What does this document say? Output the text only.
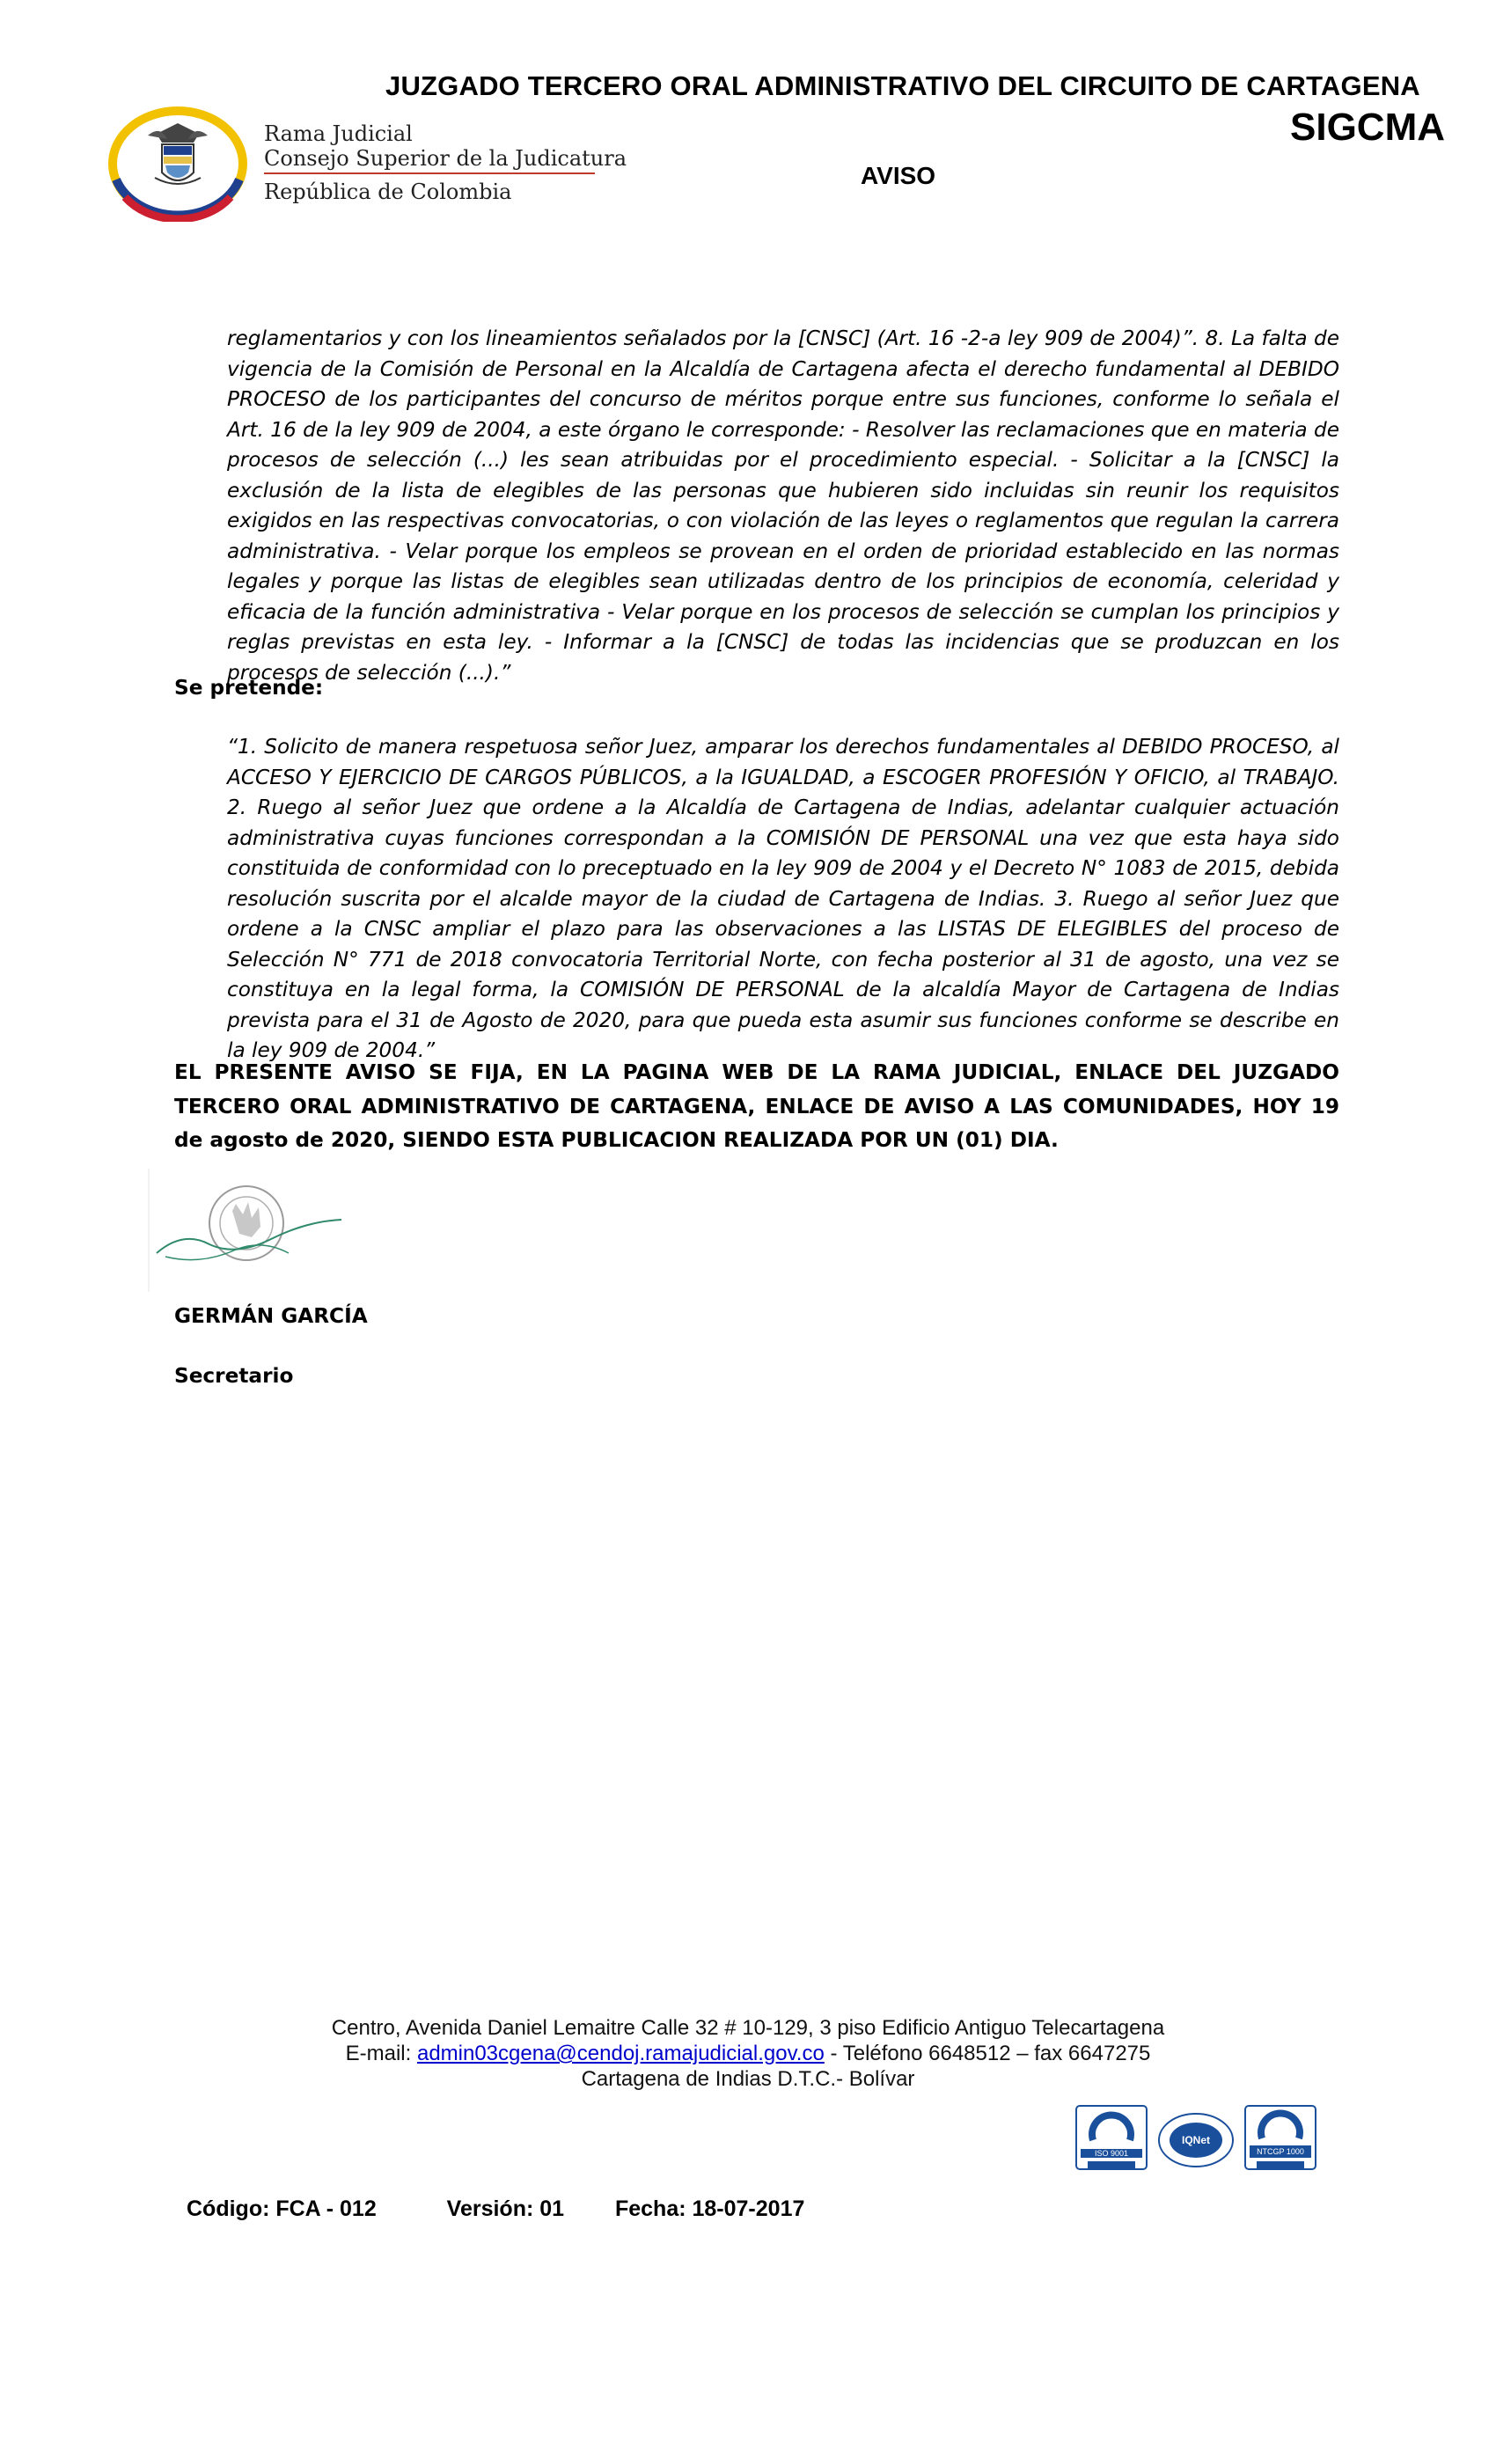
JUZGADO TERCERO ORAL ADMINISTRATIVO DEL CIRCUITO DE CARTAGENA
SIGCMA
AVISO
Rama Judicial
Consejo Superior de la Judicatura
República de Colombia
reglamentarios y con los lineamientos señalados por la [CNSC] (Art. 16 -2-a ley 909 de 2004)”. 8. La falta de vigencia de la Comisión de Personal en la Alcaldía de Cartagena afecta el derecho fundamental al DEBIDO PROCESO de los participantes del concurso de méritos porque entre sus funciones, conforme lo señala el Art. 16 de la ley 909 de 2004, a este órgano le corresponde: - Resolver las reclamaciones que en materia de procesos de selección (...) les sean atribuidas por el procedimiento especial. - Solicitar a la [CNSC] la exclusión de la lista de elegibles de las personas que hubieren sido incluidas sin reunir los requisitos exigidos en las respectivas convocatorias, o con violación de las leyes o reglamentos que regulan la carrera administrativa. - Velar porque los empleos se provean en el orden de prioridad establecido en las normas legales y porque las listas de elegibles sean utilizadas dentro de los principios de economía, celeridad y eficacia de la función administrativa - Velar porque en los procesos de selección se cumplan los principios y reglas previstas en esta ley. - Informar a la [CNSC] de todas las incidencias que se produzcan en los procesos de selección (...).”
Se pretende:
“1. Solicito de manera respetuosa señor Juez, amparar los derechos fundamentales al DEBIDO PROCESO, al ACCESO Y EJERCICIO DE CARGOS PÚBLICOS, a la IGUALDAD, a ESCOGER PROFESIÓN Y OFICIO, al TRABAJO. 2. Ruego al señor Juez que ordene a la Alcaldía de Cartagena de Indias, adelantar cualquier actuación administrativa cuyas funciones correspondan a la COMISIÓN DE PERSONAL una vez que esta haya sido constituida de conformidad con lo preceptuado en la ley 909 de 2004 y el Decreto N° 1083 de 2015, debida resolución suscrita por el alcalde mayor de la ciudad de Cartagena de Indias. 3. Ruego al señor Juez que ordene a la CNSC ampliar el plazo para las observaciones a las LISTAS DE ELEGIBLES del proceso de Selección N° 771 de 2018 convocatoria Territorial Norte, con fecha posterior al 31 de agosto, una vez se constituya en la legal forma, la COMISIÓN DE PERSONAL de la alcaldía Mayor de Cartagena de Indias prevista para el 31 de Agosto de 2020, para que pueda esta asumir sus funciones conforme se describe en la ley 909 de 2004.”
EL PRESENTE AVISO SE FIJA, EN LA PAGINA WEB DE LA RAMA JUDICIAL, ENLACE DEL JUZGADO TERCERO ORAL ADMINISTRATIVO DE CARTAGENA, ENLACE DE AVISO A LAS COMUNIDADES, HOY 19 de agosto de 2020, SIENDO ESTA PUBLICACION REALIZADA POR UN (01) DIA.
GERMÁN GARCÍA
Secretario
Centro, Avenida Daniel Lemaitre Calle 32 # 10-129, 3 piso Edificio Antiguo Telecartagena
E-mail: admin03cgena@cendoj.ramajudicial.gov.co - Teléfono 6648512 – fax 6647275
Cartagena de Indias D.T.C.- Bolívar
ISO 9001
IQNet
NTCGP 1000
Código: FCA - 012	Versión: 01 Fecha: 18-07-2017
